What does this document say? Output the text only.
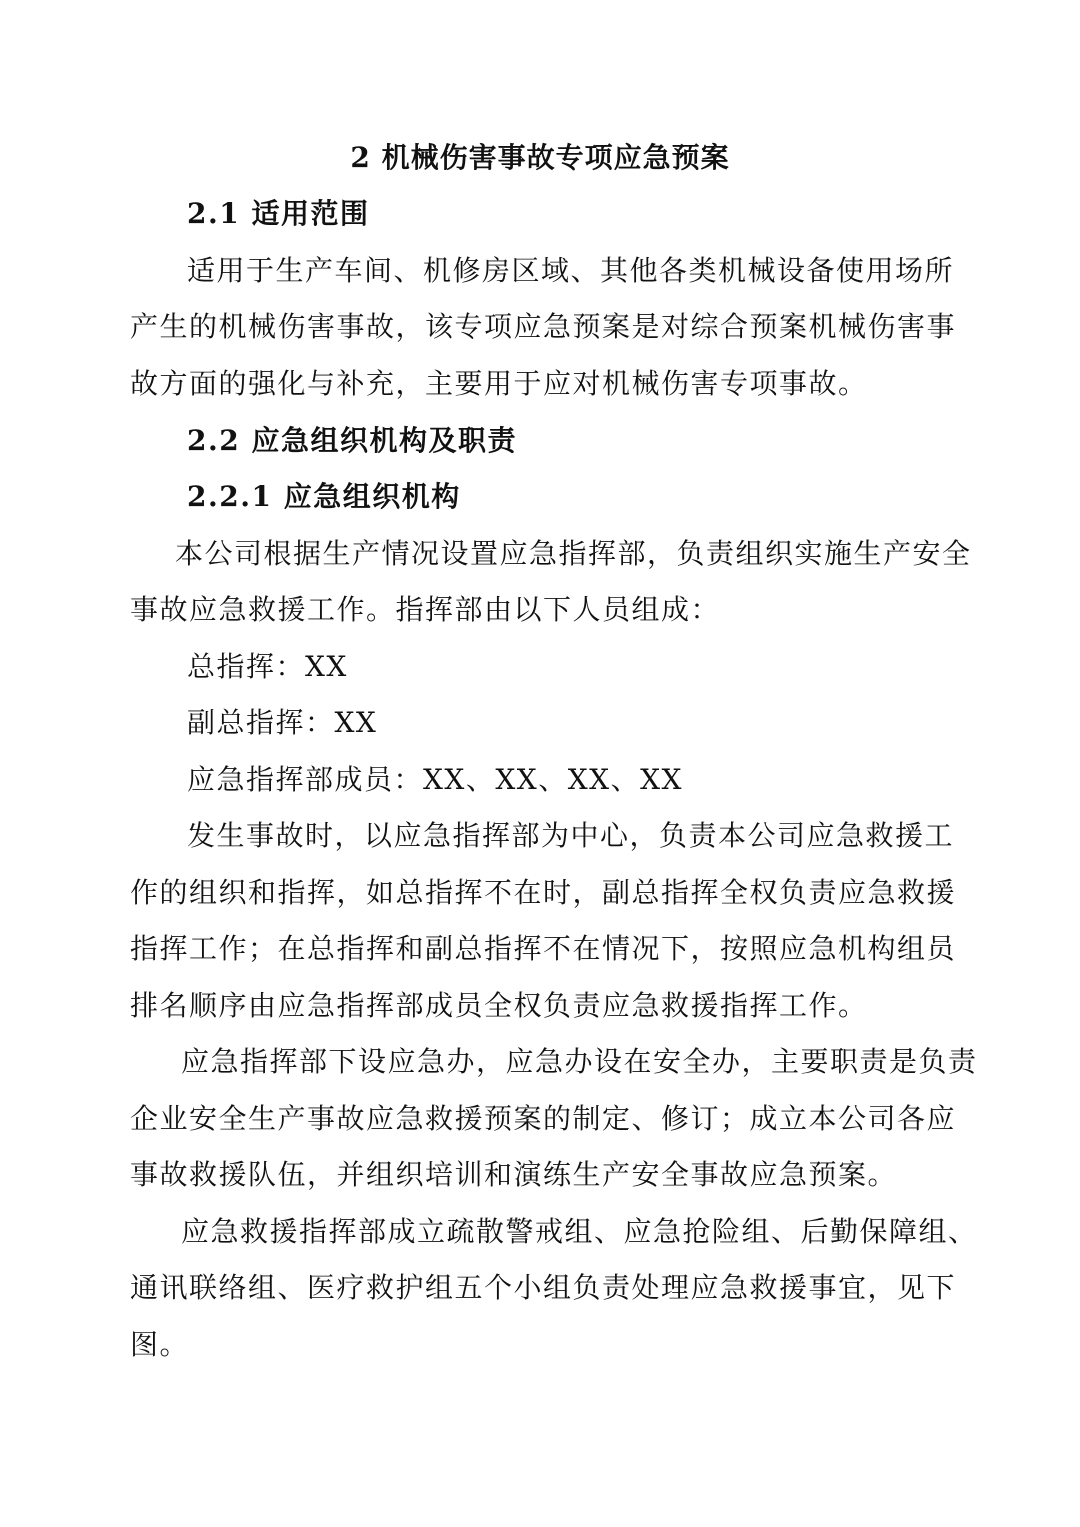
2 机械伤害事故专项应急预案
2.1 适用范围
适用于生产车间、机修房区域、其他各类机械设备使用场所
产生的机械伤害事故，该专项应急预案是对综合预案机械伤害事
故方面的强化与补充，主要用于应对机械伤害专项事故。
2.2 应急组织机构及职责
2.2.1 应急组织机构
本公司根据生产情况设置应急指挥部，负责组织实施生产安全
事故应急救援工作。指挥部由以下人员组成：
总指挥：XX
副总指挥：XX
应急指挥部成员：XX、XX、XX、XX
发生事故时，以应急指挥部为中心，负责本公司应急救援工
作的组织和指挥，如总指挥不在时，副总指挥全权负责应急救援
指挥工作；在总指挥和副总指挥不在情况下，按照应急机构组员
排名顺序由应急指挥部成员全权负责应急救援指挥工作。
应急指挥部下设应急办，应急办设在安全办，主要职责是负责
企业安全生产事故应急救援预案的制定、修订；成立本公司各应
事故救援队伍，并组织培训和演练生产安全事故应急预案。
应急救援指挥部成立疏散警戒组、应急抢险组、后勤保障组、
通讯联络组、医疗救护组五个小组负责处理应急救援事宜，见下
图。
